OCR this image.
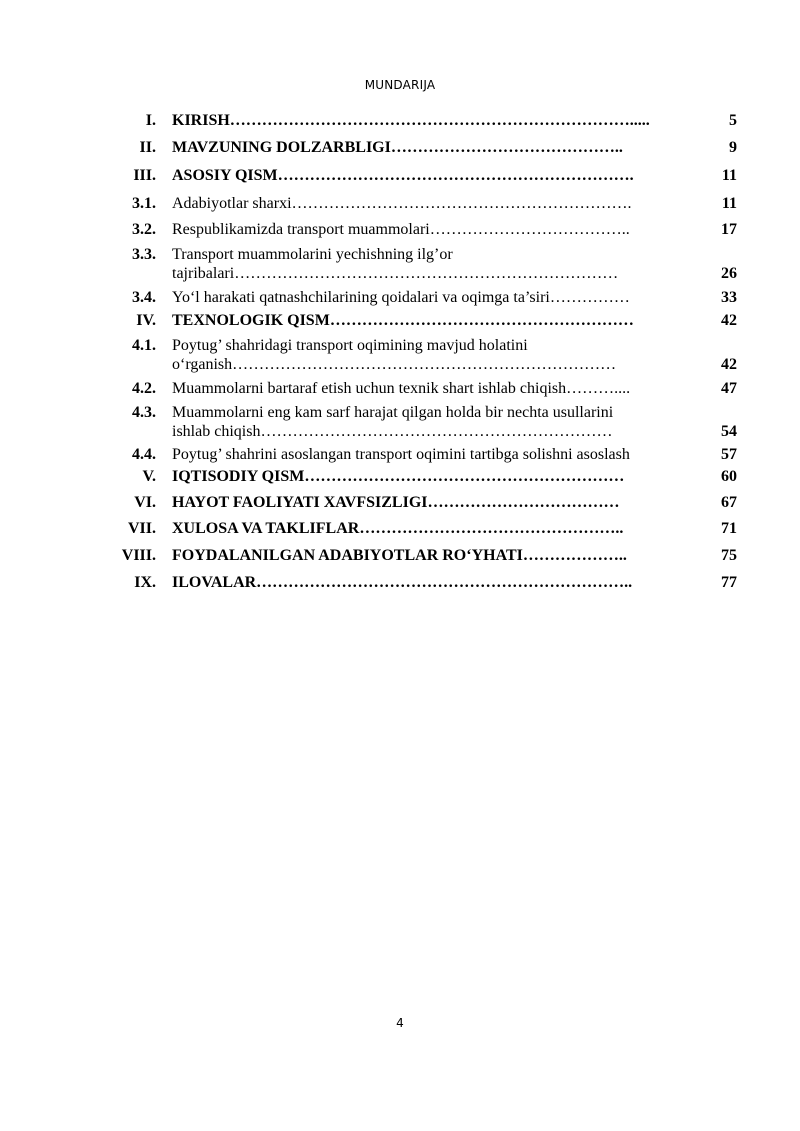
MUNDARIJA
I. KIRISH ………………………………………………………………….....	5
II. MAVZUNING DOLZARBLIGI ……………………………………..	9
III. ASOSIY QISM ………………………………………………………….	11
3.1. Adabiyotlar sharxi ……………………………………………………….	11
3.2. Respublikamizda transport muammolari ………………………………..	17
3.3. Transport muammolarini yechishning ilg’or
tajribalari ………………………………………………………………	26
3.4. Yo‘l harakati qatnashchilarining qoidalari va oqimga ta’siri ……………	33
IV. TEXNOLOGIK QISM …………………………………………………	42
4.1. Poytug’ shahridagi transport oqimining mavjud holatini
o‘rganish ………………………………………………………………	42
4.2. Muammolarni bartaraf etish uchun texnik shart ishlab chiqish ………....	47
4.3. Muammolarni eng kam sarf harajat qilgan holda bir nechta usullarini
ishlab chiqish …………………………………………………………	54
4.4. Poytug’ shahrini asoslangan transport oqimini tartibga solishni asoslash	57
V. IQTISODIY QISM ……………………………………………………	60
VI. HAYOT FAOLIYATI XAVFSIZLIGI ………………………………	67
VII. XULOSA VA TAKLIFLAR …………………………………………..	71
VIII. FOYDALANILGAN ADABIYOTLAR RO‘YHATI ………………..	75
IX. ILOVALAR ……………………………………………………………..	77
4
